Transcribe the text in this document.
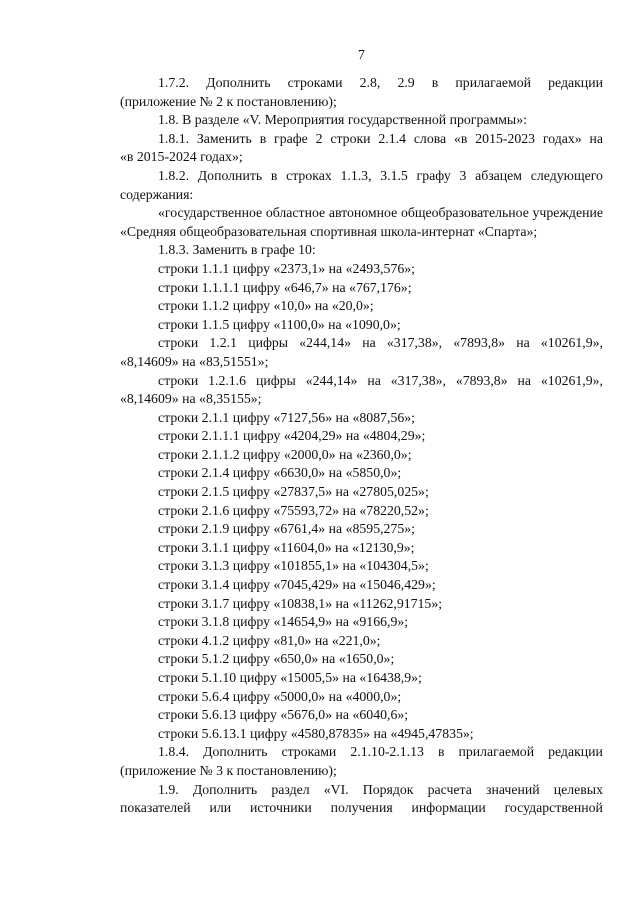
7
1.7.2. Дополнить строками 2.8, 2.9 в прилагаемой редакции
(приложение № 2 к постановлению);
1.8. В разделе «V. Мероприятия государственной программы»:
1.8.1. Заменить в графе 2 строки 2.1.4 слова «в 2015-2023 годах» на
«в 2015-2024 годах»;
1.8.2. Дополнить в строках 1.1.3, 3.1.5 графу 3 абзацем следующего
содержания:
«государственное областное автономное общеобразовательное учреждение
«Средняя общеобразовательная спортивная школа-интернат «Спарта»;
1.8.3. Заменить в графе 10:
строки 1.1.1 цифру «2373,1» на «2493,576»;
строки 1.1.1.1 цифру «646,7» на «767,176»;
строки 1.1.2 цифру «10,0» на «20,0»;
строки 1.1.5 цифру «1100,0» на «1090,0»;
строки 1.2.1 цифры «244,14» на «317,38», «7893,8» на «10261,9»,
«8,14609» на «83,51551»;
строки 1.2.1.6 цифры «244,14» на «317,38», «7893,8» на «10261,9»,
«8,14609» на «8,35155»;
строки 2.1.1 цифру «7127,56» на «8087,56»;
строки 2.1.1.1 цифру «4204,29» на «4804,29»;
строки 2.1.1.2 цифру «2000,0» на «2360,0»;
строки 2.1.4 цифру «6630,0» на «5850,0»;
строки 2.1.5 цифру «27837,5» на «27805,025»;
строки 2.1.6 цифру «75593,72» на «78220,52»;
строки 2.1.9 цифру «6761,4» на «8595,275»;
строки 3.1.1 цифру «11604,0» на «12130,9»;
строки 3.1.3 цифру «101855,1» на «104304,5»;
строки 3.1.4 цифру «7045,429» на «15046,429»;
строки 3.1.7 цифру «10838,1» на «11262,91715»;
строки 3.1.8 цифру «14654,9» на «9166,9»;
строки 4.1.2 цифру «81,0» на «221,0»;
строки 5.1.2 цифру «650,0» на «1650,0»;
строки 5.1.10 цифру «15005,5» на «16438,9»;
строки 5.6.4 цифру «5000,0» на «4000,0»;
строки 5.6.13 цифру «5676,0» на «6040,6»;
строки 5.6.13.1 цифру «4580,87835» на «4945,47835»;
1.8.4. Дополнить строками 2.1.10-2.1.13 в прилагаемой редакции
(приложение № 3 к постановлению);
1.9. Дополнить раздел «VI. Порядок расчета значений целевых
показателей или источники получения информации государственной
